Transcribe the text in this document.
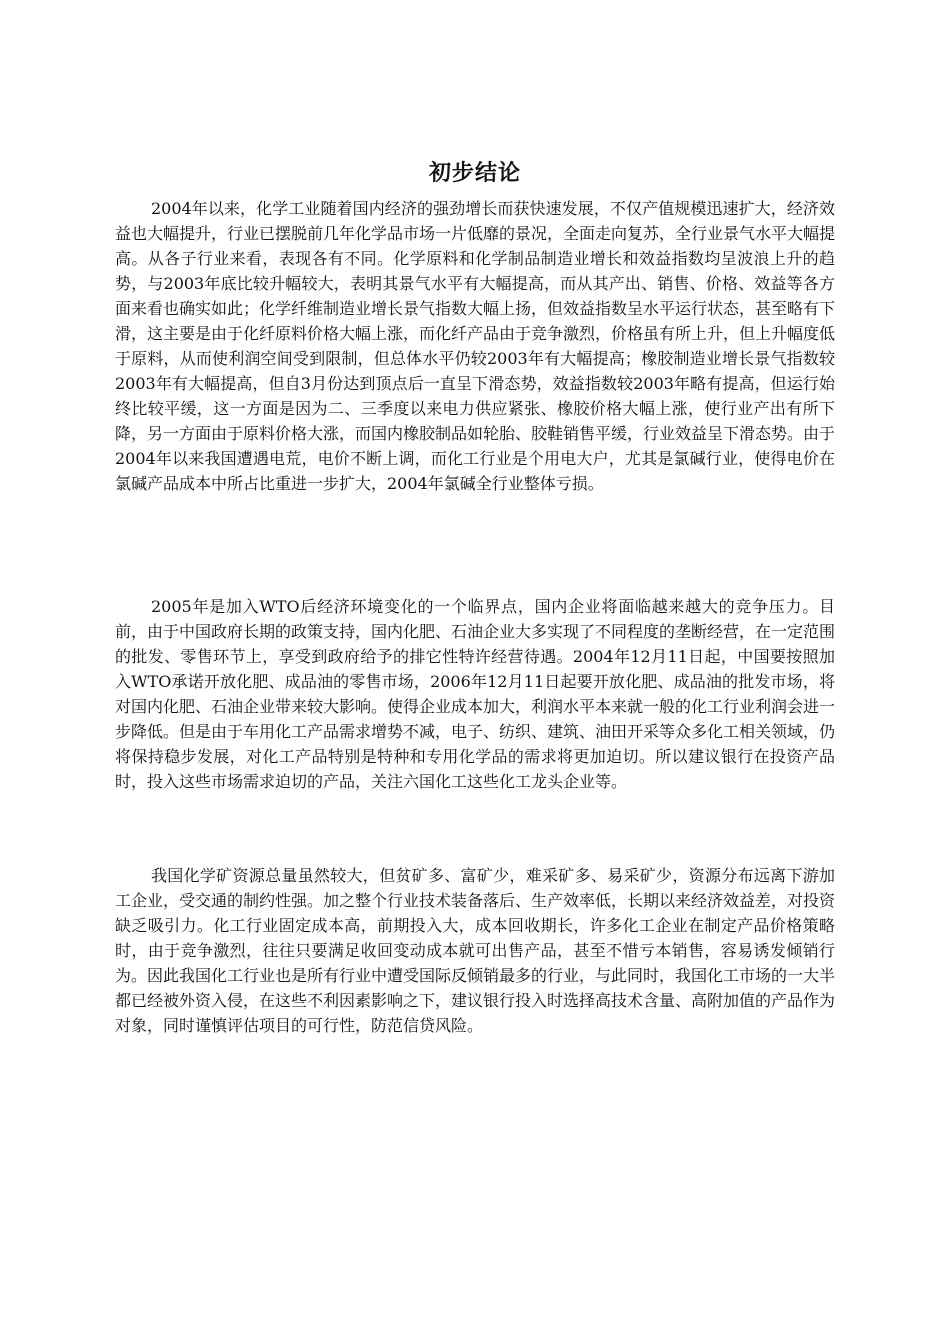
初步结论

2004年以来，化学工业随着国内经济的强劲增长而获快速发展，不仅产值规模迅速扩大，经济效益也大幅提升，行业已摆脱前几年化学品市场一片低靡的景况，全面走向复苏，全行业景气水平大幅提高。从各子行业来看，表现各有不同。化学原料和化学制品制造业增长和效益指数均呈波浪上升的趋势，与2003年底比较升幅较大，表明其景气水平有大幅提高，而从其产出、销售、价格、效益等各方面来看也确实如此；化学纤维制造业增长景气指数大幅上扬，但效益指数呈水平运行状态，甚至略有下滑，这主要是由于化纤原料价格大幅上涨，而化纤产品由于竞争激烈，价格虽有所上升，但上升幅度低于原料，从而使利润空间受到限制，但总体水平仍较2003年有大幅提高；橡胶制造业增长景气指数较2003年有大幅提高，但自3月份达到顶点后一直呈下滑态势，效益指数较2003年略有提高，但运行始终比较平缓，这一方面是因为二、三季度以来电力供应紧张、橡胶价格大幅上涨，使行业产出有所下降，另一方面由于原料价格大涨，而国内橡胶制品如轮胎、胶鞋销售平缓，行业效益呈下滑态势。由于2004年以来我国遭遇电荒，电价不断上调，而化工行业是个用电大户，尤其是氯碱行业，使得电价在氯碱产品成本中所占比重进一步扩大，2004年氯碱全行业整体亏损。

2005年是加入WTO后经济环境变化的一个临界点，国内企业将面临越来越大的竞争压力。目前，由于中国政府长期的政策支持，国内化肥、石油企业大多实现了不同程度的垄断经营，在一定范围的批发、零售环节上，享受到政府给予的排它性特许经营待遇。2004年12月11日起，中国要按照加入WTO承诺开放化肥、成品油的零售市场，2006年12月11日起要开放化肥、成品油的批发市场，将对国内化肥、石油企业带来较大影响。使得企业成本加大，利润水平本来就一般的化工行业利润会进一步降低。但是由于车用化工产品需求增势不减，电子、纺织、建筑、油田开采等众多化工相关领域，仍将保持稳步发展，对化工产品特别是特种和专用化学品的需求将更加迫切。所以建议银行在投资产品时，投入这些市场需求迫切的产品，关注六国化工这些化工龙头企业等。

我国化学矿资源总量虽然较大，但贫矿多、富矿少，难采矿多、易采矿少，资源分布远离下游加工企业，受交通的制约性强。加之整个行业技术装备落后、生产效率低，长期以来经济效益差，对投资缺乏吸引力。化工行业固定成本高，前期投入大，成本回收期长，许多化工企业在制定产品价格策略时，由于竞争激烈，往往只要满足收回变动成本就可出售产品，甚至不惜亏本销售，容易诱发倾销行为。因此我国化工行业也是所有行业中遭受国际反倾销最多的行业，与此同时，我国化工市场的一大半都已经被外资入侵，在这些不利因素影响之下，建议银行投入时选择高技术含量、高附加值的产品作为对象，同时谨慎评估项目的可行性，防范信贷风险。
